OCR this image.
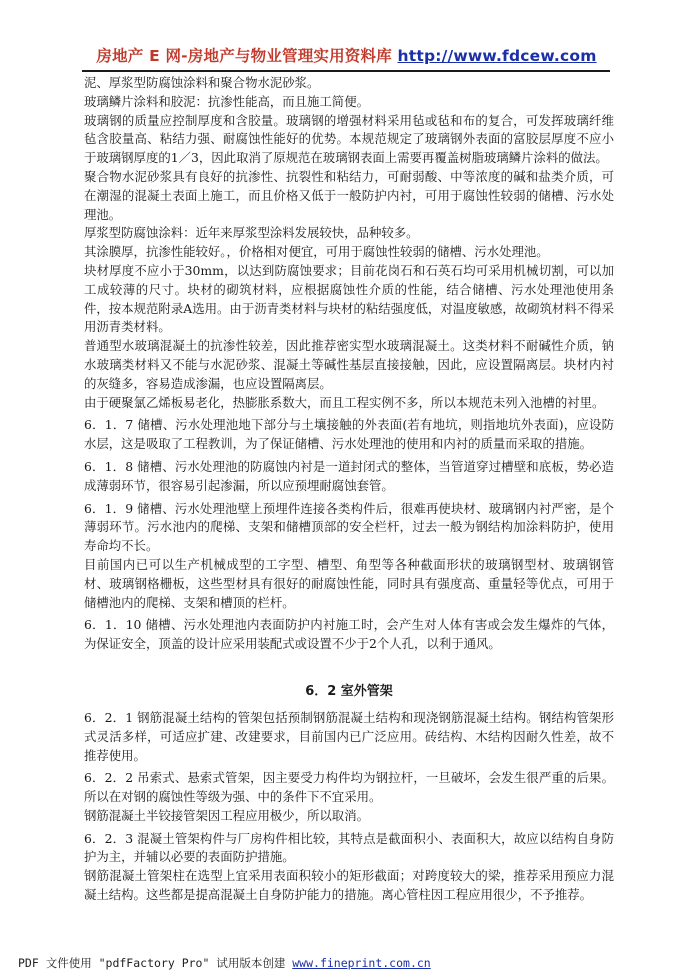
房地产 E 网-房地产与物业管理实用资料库 http://www.fdcew.com

泥、厚浆型防腐蚀涂料和聚合物水泥砂浆。

玻璃鳞片涂料和胶泥：抗渗性能高，而且施工简便。

玻璃钢的质量应控制厚度和含胶量。玻璃钢的增强材料采用毡或毡和布的复合，可发挥玻璃纤维毡含胶量高、粘结力强、耐腐蚀性能好的优势。本规范规定了玻璃钢外表面的富胶层厚度不应小于玻璃钢厚度的1／3，因此取消了原规范在玻璃钢表面上需要再覆盖树脂玻璃鳞片涂料的做法。

聚合物水泥砂浆具有良好的抗渗性、抗裂性和粘结力，可耐弱酸、中等浓度的碱和盐类介质，可在潮湿的混凝土表面上施工，而且价格又低于一般防护内衬，可用于腐蚀性较弱的储槽、污水处理池。

厚浆型防腐蚀涂料：近年来厚浆型涂料发展较快，品种较多。

其涂膜厚，抗渗性能较好。，价格相对便宜，可用于腐蚀性较弱的储槽、污水处理池。

块材厚度不应小于30mm，以达到防腐蚀要求；目前花岗石和石英石均可采用机械切割，可以加工成较薄的尺寸。块材的砌筑材料，应根据腐蚀性介质的性能，结合储槽、污水处理池使用条件，按本规范附录A选用。由于沥青类材料与块材的粘结强度低，对温度敏感，故砌筑材料不得采用沥青类材料。

普通型水玻璃混凝土的抗渗性较差，因此推荐密实型水玻璃混凝土。这类材料不耐碱性介质，钠水玻璃类材料又不能与水泥砂浆、混凝土等碱性基层直接接触，因此，应设置隔离层。块材内衬的灰缝多，容易造成渗漏，也应设置隔离层。

由于硬聚氯乙烯板易老化，热膨胀系数大，而且工程实例不多，所以本规范未列入池槽的衬里。

6．1．7 储槽、污水处理池地下部分与土壤接触的外表面(若有地坑，则指地坑外表面)，应设防水层，这是吸取了工程教训，为了保证储槽、污水处理池的使用和内衬的质量而采取的措施。

6．1．8 储槽、污水处理池的防腐蚀内衬是一道封闭式的整体，当管道穿过槽壁和底板，势必造成薄弱环节，很容易引起渗漏，所以应预埋耐腐蚀套管。

6．1．9 储槽、污水处理池壁上预埋件连接各类构件后，很难再使块材、玻璃钢内衬严密，是个薄弱环节。污水池内的爬梯、支架和储槽顶部的安全栏杆，过去一般为钢结构加涂料防护，使用寿命均不长。

目前国内已可以生产机械成型的工字型、槽型、角型等各种截面形状的玻璃钢型材、玻璃钢管材、玻璃钢格栅板，这些型材具有很好的耐腐蚀性能，同时具有强度高、重量轻等优点，可用于储槽池内的爬梯、支架和槽顶的栏杆。

6．1．10 储槽、污水处理池内表面防护内衬施工时，会产生对人体有害或会发生爆炸的气体，为保证安全，顶盖的设计应采用装配式或设置不少于2个人孔，以利于通风。

6．2 室外管架

6．2．1 钢筋混凝土结构的管架包括预制钢筋混凝土结构和现浇钢筋混凝土结构。钢结构管架形式灵活多样，可适应扩建、改建要求，目前国内已广泛应用。砖结构、木结构因耐久性差，故不推荐使用。

6．2．2 吊索式、悬索式管架，因主要受力构件均为钢拉杆，一旦破坏，会发生很严重的后果。所以在对钢的腐蚀性等级为强、中的条件下不宜采用。

钢筋混凝土半铰接管架因工程应用极少，所以取消。

6．2．3 混凝土管架构件与厂房构件相比较，其特点是截面积小、表面积大，故应以结构自身防护为主，并辅以必要的表面防护措施。

钢筋混凝土管架柱在选型上宜采用表面积较小的矩形截面；对跨度较大的梁，推荐采用预应力混凝土结构。这些都是提高混凝土自身防护能力的措施。离心管柱因工程应用很少，不予推荐。

PDF 文件使用 "pdfFactory Pro" 试用版本创建 www.fineprint.com.cn
